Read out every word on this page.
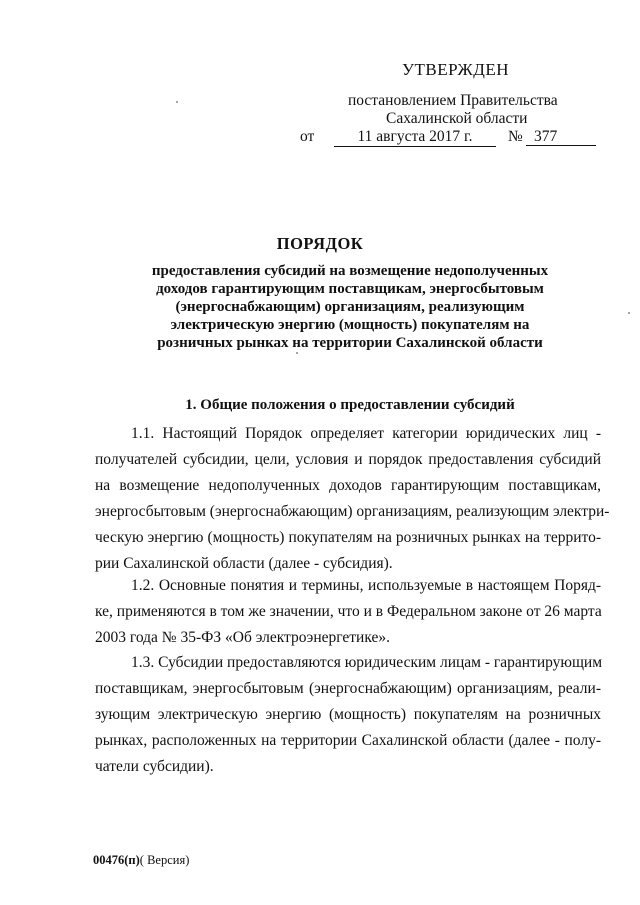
УТВЕРЖДЕН
постановлением Правительства
Сахалинской области
от	11 августа 2017 г.	№ 377
ПОРЯДОК
предоставления субсидий на возмещение недополученных
доходов гарантирующим поставщикам, энергосбытовым
(энергоснабжающим) организациям, реализующим
электрическую энергию (мощность) покупателям на
розничных рынках на территории Сахалинской области
1. Общие положения о предоставлении субсидий
1.1. Настоящий Порядок определяет категории юридических лиц -
получателей субсидии, цели, условия и порядок предоставления субсидий
на возмещение недополученных доходов гарантирующим поставщикам,
энергосбытовым (энергоснабжающим) организациям, реализующим электри-
ческую энергию (мощность) покупателям на розничных рынках на террито-
рии Сахалинской области (далее - субсидия).
1.2. Основные понятия и термины, используемые в настоящем Поряд-
ке, применяются в том же значении, что и в Федеральном законе от 26 марта
2003 года № 35-ФЗ «Об электроэнергетике».
1.3. Субсидии предоставляются юридическим лицам - гарантирующим
поставщикам, энергосбытовым (энергоснабжающим) организациям, реали-
зующим электрическую энергию (мощность) покупателям на розничных
рынках, расположенных на территории Сахалинской области (далее - полу-
чатели субсидии).
00476(п)( Версия)
